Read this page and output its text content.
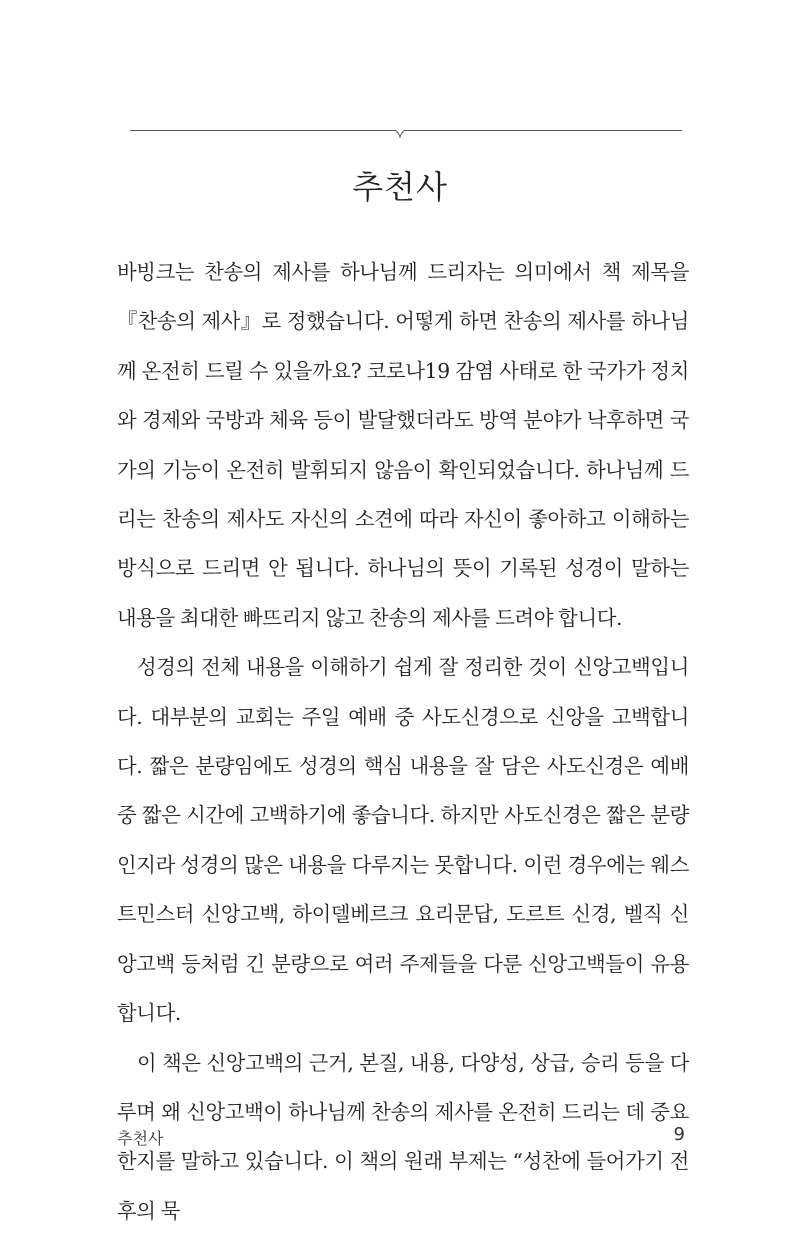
추천사

바빙크는 찬송의 제사를 하나님께 드리자는 의미에서 책 제목을 『찬송의 제사』로 정했습니다. 어떻게 하면 찬송의 제사를 하나님께 온전히 드릴 수 있을까요? 코로나19 감염 사태로 한 국가가 정치와 경제와 국방과 체육 등이 발달했더라도 방역 분야가 낙후하면 국가의 기능이 온전히 발휘되지 않음이 확인되었습니다. 하나님께 드리는 찬송의 제사도 자신의 소견에 따라 자신이 좋아하고 이해하는 방식으로 드리면 안 됩니다. 하나님의 뜻이 기록된 성경이 말하는 내용을 최대한 빠뜨리지 않고 찬송의 제사를 드려야 합니다.

성경의 전체 내용을 이해하기 쉽게 잘 정리한 것이 신앙고백입니다. 대부분의 교회는 주일 예배 중 사도신경으로 신앙을 고백합니다. 짧은 분량임에도 성경의 핵심 내용을 잘 담은 사도신경은 예배 중 짧은 시간에 고백하기에 좋습니다. 하지만 사도신경은 짧은 분량인지라 성경의 많은 내용을 다루지는 못합니다. 이런 경우에는 웨스트민스터 신앙고백, 하이델베르크 요리문답, 도르트 신경, 벨직 신앙고백 등처럼 긴 분량으로 여러 주제들을 다룬 신앙고백들이 유용합니다.

이 책은 신앙고백의 근거, 본질, 내용, 다양성, 상급, 승리 등을 다루며 왜 신앙고백이 하나님께 찬송의 제사를 온전히 드리는 데 중요한지를 말하고 있습니다. 이 책의 원래 부제는 “성찬에 들어가기 전후의 묵

추천사	9
